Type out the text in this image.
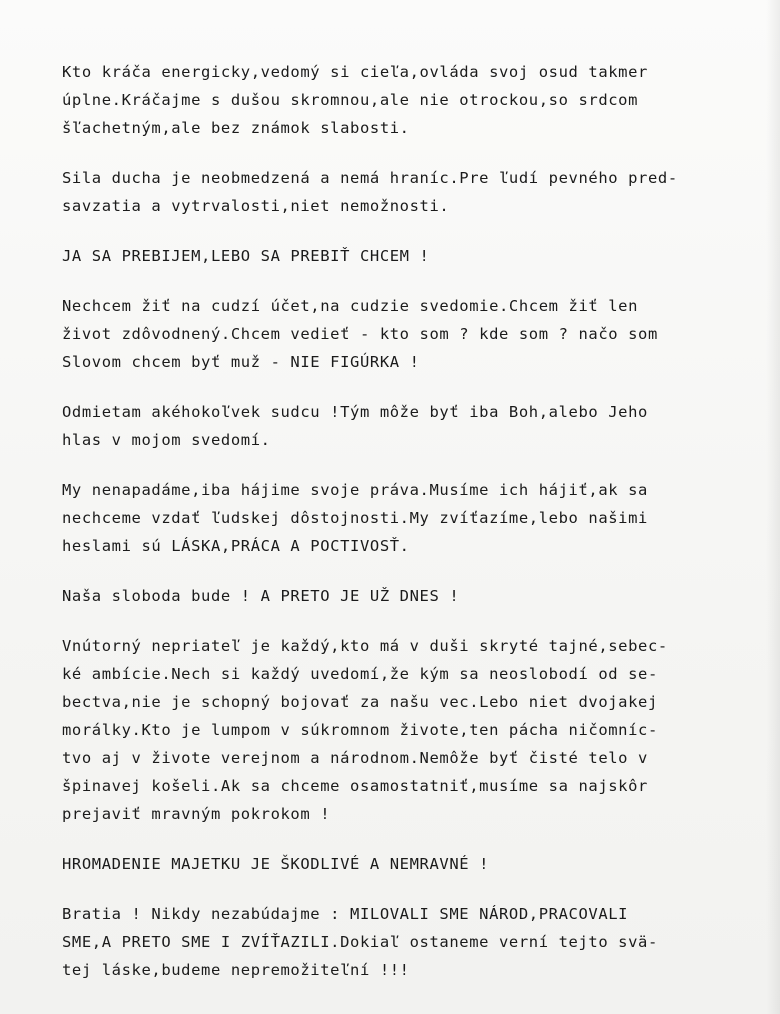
Kto kráča energicky,vedomý si cieľa,ovláda svoj osud takmer
úplne.Kráčajme s dušou skromnou,ale nie otrockou,so srdcom
šľachetným,ale bez známok slabosti.
Sila ducha je neobmedzená a nemá hraníc.Pre ľudí pevného pred-
savzatia a vytrvalosti,niet nemožnosti.
JA SA PREBIJEM,LEBO SA PREBIŤ CHCEM !
Nechcem žiť na cudzí účet,na cudzie svedomie.Chcem žiť len
život zdôvodnený.Chcem vedieť - kto som ? kde som ? načo som
Slovom chcem byť muž - NIE FIGÚRKA !
Odmietam akéhokoľvek sudcu !Tým môže byť iba Boh,alebo Jeho
hlas v mojom svedomí.
My nenapadáme,iba hájime svoje práva.Musíme ich hájiť,ak sa
nechceme vzdať ľudskej dôstojnosti.My zvíťazíme,lebo našimi
heslami sú LÁSKA,PRÁCA A POCTIVOSŤ.
Naša sloboda bude ! A PRETO JE UŽ DNES !
Vnútorný nepriateľ je každý,kto má v duši skryté tajné,sebec-
ké ambície.Nech si každý uvedomí,že kým sa neoslobodí od se-
bectva,nie je schopný bojovať za našu vec.Lebo niet dvojakej
morálky.Kto je lumpom v súkromnom živote,ten pácha ničomníc-
tvo aj v živote verejnom a národnom.Nemôže byť čisté telo v
špinavej košeli.Ak sa chceme osamostatniť,musíme sa najskôr
prejaviť mravným pokrokom !
HROMADENIE MAJETKU JE ŠKODLIVÉ A NEMRAVNÉ !
Bratia ! Nikdy nezabúdajme : MILOVALI SME NÁROD,PRACOVALI
SME,A PRETO SME I ZVÍŤAZILI.Dokiaľ ostaneme verní tejto svä-
tej láske,budeme nepremožiteľní !!!
